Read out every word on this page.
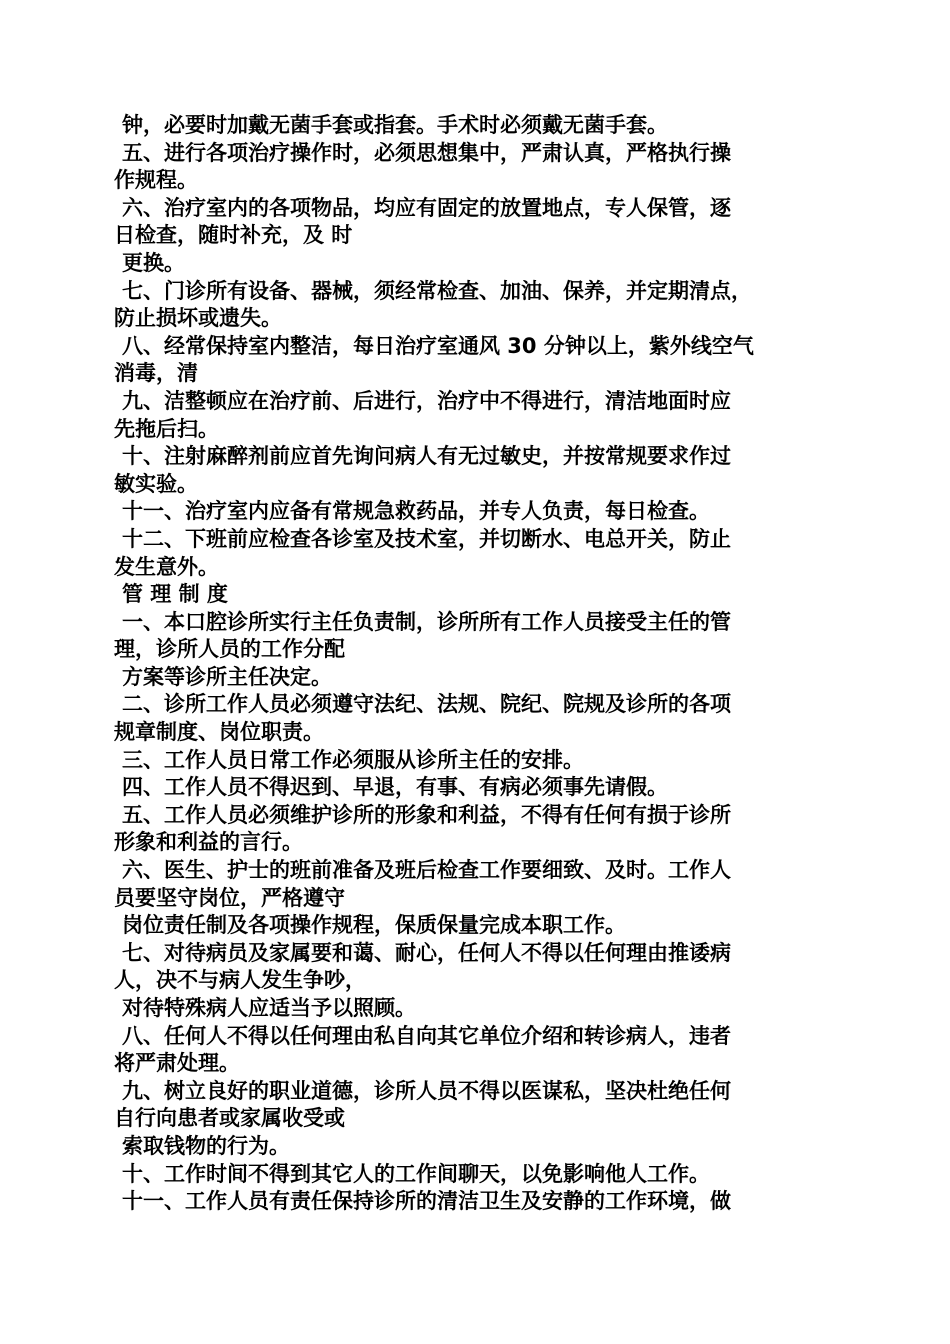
钟，必要时加戴无菌手套或指套。手术时必须戴无菌手套。
五、进行各项治疗操作时，必须思想集中，严肃认真，严格执行操
作规程。
六、治疗室内的各项物品，均应有固定的放置地点，专人保管，逐
日检查，随时补充，及 时
更换。
七、门诊所有设备、器械，须经常检查、加油、保养，并定期清点，
防止损坏或遗失。
八、经常保持室内整洁，每日治疗室通风 30 分钟以上，紫外线空气
消毒，清
九、洁整顿应在治疗前、后进行，治疗中不得进行，清洁地面时应
先拖后扫。
十、注射麻醉剂前应首先询问病人有无过敏史，并按常规要求作过
敏实验。
十一、治疗室内应备有常规急救药品，并专人负责，每日检查。
十二、下班前应检查各诊室及技术室，并切断水、电总开关，防止
发生意外。
管 理 制 度
一、本口腔诊所实行主任负责制，诊所所有工作人员接受主任的管
理，诊所人员的工作分配
方案等诊所主任决定。
二、诊所工作人员必须遵守法纪、法规、院纪、院规及诊所的各项
规章制度、岗位职责。
三、工作人员日常工作必须服从诊所主任的安排。
四、工作人员不得迟到、早退，有事、有病必须事先请假。
五、工作人员必须维护诊所的形象和利益，不得有任何有损于诊所
形象和利益的言行。
六、医生、护士的班前准备及班后检查工作要细致、及时。工作人
员要坚守岗位，严格遵守
岗位责任制及各项操作规程，保质保量完成本职工作。
七、对待病员及家属要和蔼、耐心，任何人不得以任何理由推诿病
人，决不与病人发生争吵，
对待特殊病人应适当予以照顾。
八、任何人不得以任何理由私自向其它单位介绍和转诊病人，违者
将严肃处理。
九、树立良好的职业道德，诊所人员不得以医谋私，坚决杜绝任何
自行向患者或家属收受或
索取钱物的行为。
十、工作时间不得到其它人的工作间聊天，以免影响他人工作。
十一、工作人员有责任保持诊所的清洁卫生及安静的工作环境，做
